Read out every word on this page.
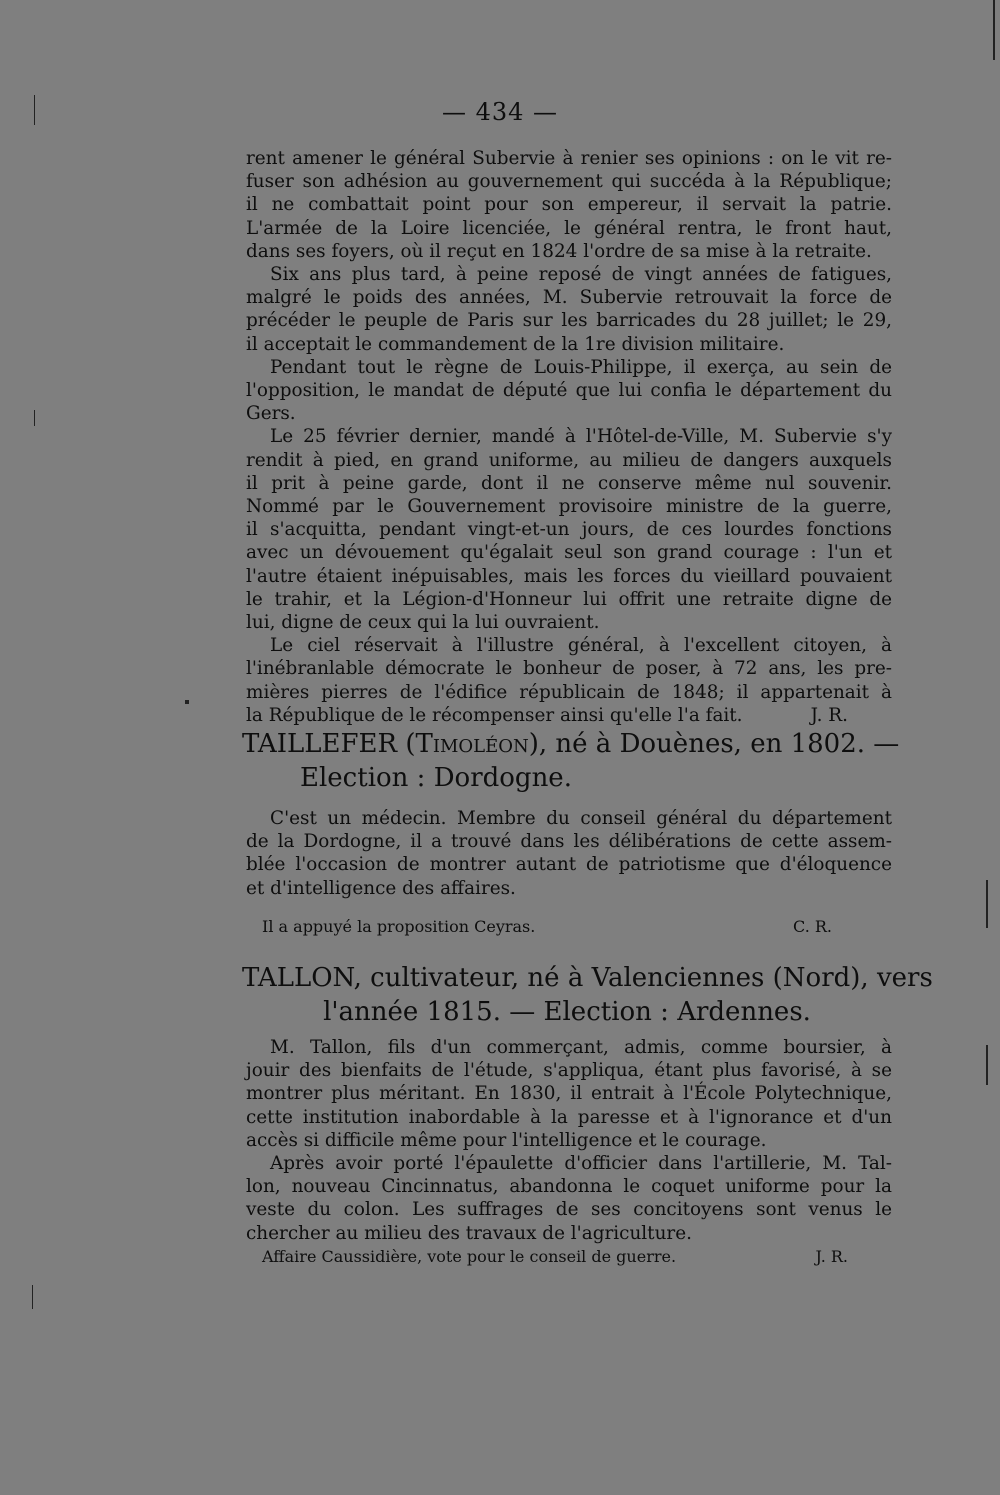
— 434 —
rent amener le général Subervie à renier ses opinions : on le vit re-
fuser son adhésion au gouvernement qui succéda à la République;
il ne combattait point pour son empereur, il servait la patrie.
L'armée de la Loire licenciée, le général rentra, le front haut,
dans ses foyers, où il reçut en 1824 l'ordre de sa mise à la retraite.
Six ans plus tard, à peine reposé de vingt années de fatigues,
malgré le poids des années, M. Subervie retrouvait la force de
précéder le peuple de Paris sur les barricades du 28 juillet; le 29,
il acceptait le commandement de la 1re division militaire.
Pendant tout le règne de Louis-Philippe, il exerça, au sein de
l'opposition, le mandat de député que lui confia le département du
Gers.
Le 25 février dernier, mandé à l'Hôtel-de-Ville, M. Subervie s'y
rendit à pied, en grand uniforme, au milieu de dangers auxquels
il prit à peine garde, dont il ne conserve même nul souvenir.
Nommé par le Gouvernement provisoire ministre de la guerre,
il s'acquitta, pendant vingt-et-un jours, de ces lourdes fonctions
avec un dévouement qu'égalait seul son grand courage : l'un et
l'autre étaient inépuisables, mais les forces du vieillard pouvaient
le trahir, et la Légion-d'Honneur lui offrit une retraite digne de
lui, digne de ceux qui la lui ouvraient.
Le ciel réservait à l'illustre général, à l'excellent citoyen, à
l'inébranlable démocrate le bonheur de poser, à 72 ans, les pre-
mières pierres de l'édifice républicain de 1848; il appartenait à
la République de le récompenser ainsi qu'elle l'a fait.	J. R.
TAILLEFER (Timoléon), né à Douènes, en 1802. —
Election : Dordogne.
C'est un médecin. Membre du conseil général du département
de la Dordogne, il a trouvé dans les délibérations de cette assem-
blée l'occasion de montrer autant de patriotisme que d'éloquence
et d'intelligence des affaires.
Il a appuyé la proposition Ceyras.	C. R.
TALLON, cultivateur, né à Valenciennes (Nord), vers
l'année 1815. — Election : Ardennes.
M. Tallon, fils d'un commerçant, admis, comme boursier, à
jouir des bienfaits de l'étude, s'appliqua, étant plus favorisé, à se
montrer plus méritant. En 1830, il entrait à l'École Polytechnique,
cette institution inabordable à la paresse et à l'ignorance et d'un
accès si difficile même pour l'intelligence et le courage.
Après avoir porté l'épaulette d'officier dans l'artillerie, M. Tal-
lon, nouveau Cincinnatus, abandonna le coquet uniforme pour la
veste du colon. Les suffrages de ses concitoyens sont venus le
chercher au milieu des travaux de l'agriculture.
Affaire Caussidière, vote pour le conseil de guerre.	J. R.
